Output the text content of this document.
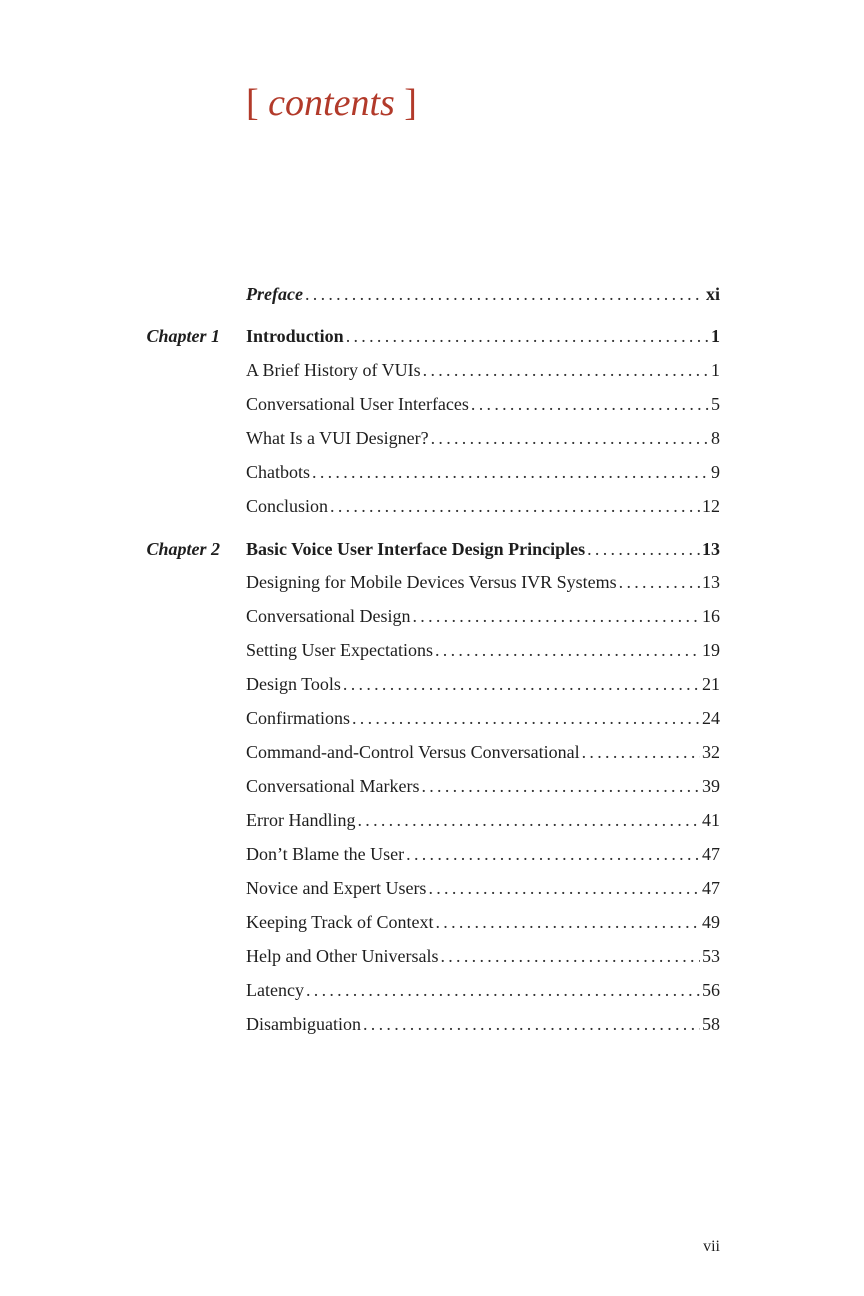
[ contents ]
Preface . . .	xi
Chapter 1 Introduction . . .	1
A Brief History of VUIs . . .	1
Conversational User Interfaces . . .	5
What Is a VUI Designer? . . .	8
Chatbots . . .	9
Conclusion . . .	12
Chapter 2 Basic Voice User Interface Design Principles . . .	13
Designing for Mobile Devices Versus IVR Systems . . .	13
Conversational Design . . .	16
Setting User Expectations . . .	19
Design Tools . . .	21
Confirmations . . .	24
Command-and-Control Versus Conversational . . .	32
Conversational Markers . . .	39
Error Handling . . .	41
Don’t Blame the User . . .	47
Novice and Expert Users . . .	47
Keeping Track of Context . . .	49
Help and Other Universals . . .	53
Latency . . .	56
Disambiguation . . .	58
vii
